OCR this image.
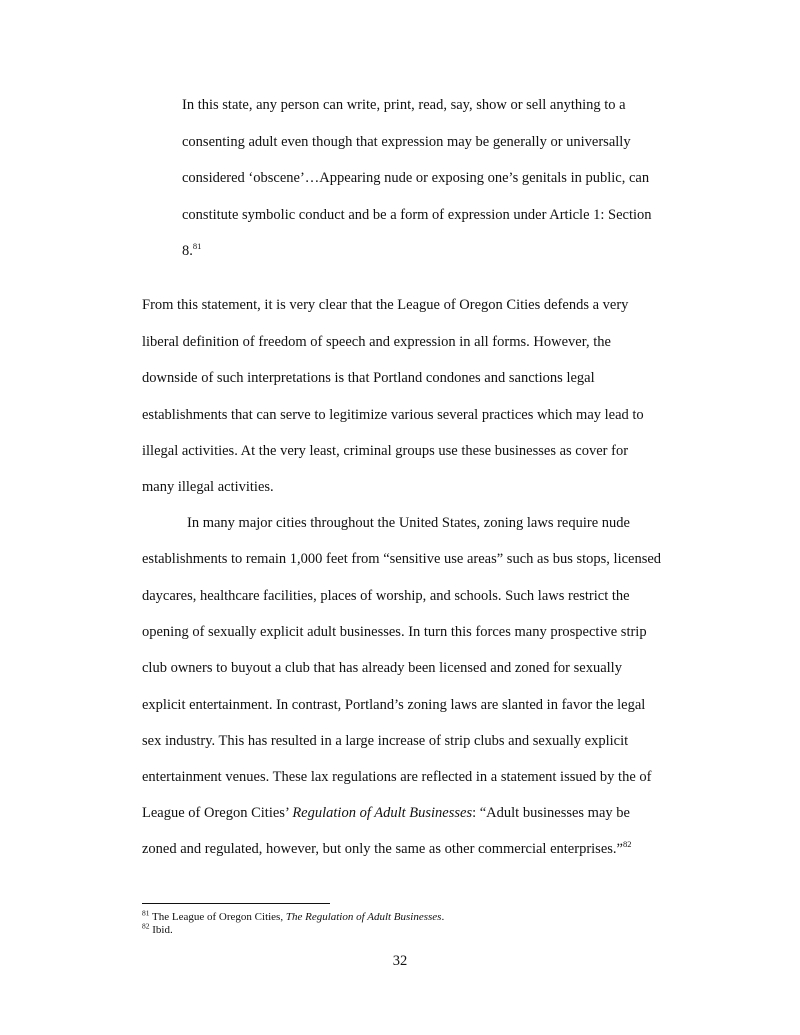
In this state, any person can write, print, read, say, show or sell anything to a
consenting adult even though that expression may be generally or universally
considered ‘obscene’…Appearing nude or exposing one’s genitals in public, can
constitute symbolic conduct and be a form of expression under Article 1: Section
8.81
From this statement, it is very clear that the League of Oregon Cities defends a very
liberal definition of freedom of speech and expression in all forms. However, the
downside of such interpretations is that Portland condones and sanctions legal
establishments that can serve to legitimize various several practices which may lead to
illegal activities. At the very least, criminal groups use these businesses as cover for
many illegal activities.
In many major cities throughout the United States, zoning laws require nude
establishments to remain 1,000 feet from “sensitive use areas” such as bus stops, licensed
daycares, healthcare facilities, places of worship, and schools. Such laws restrict the
opening of sexually explicit adult businesses. In turn this forces many prospective strip
club owners to buyout a club that has already been licensed and zoned for sexually
explicit entertainment. In contrast, Portland’s zoning laws are slanted in favor the legal
sex industry. This has resulted in a large increase of strip clubs and sexually explicit
entertainment venues. These lax regulations are reflected in a statement issued by the of
League of Oregon Cities’ Regulation of Adult Businesses: “Adult businesses may be
zoned and regulated, however, but only the same as other commercial enterprises.”$^{82}$
$^{81}$ The League of Oregon Cities, The Regulation of Adult Businesses.
$^{82}$ Ibid.
32
